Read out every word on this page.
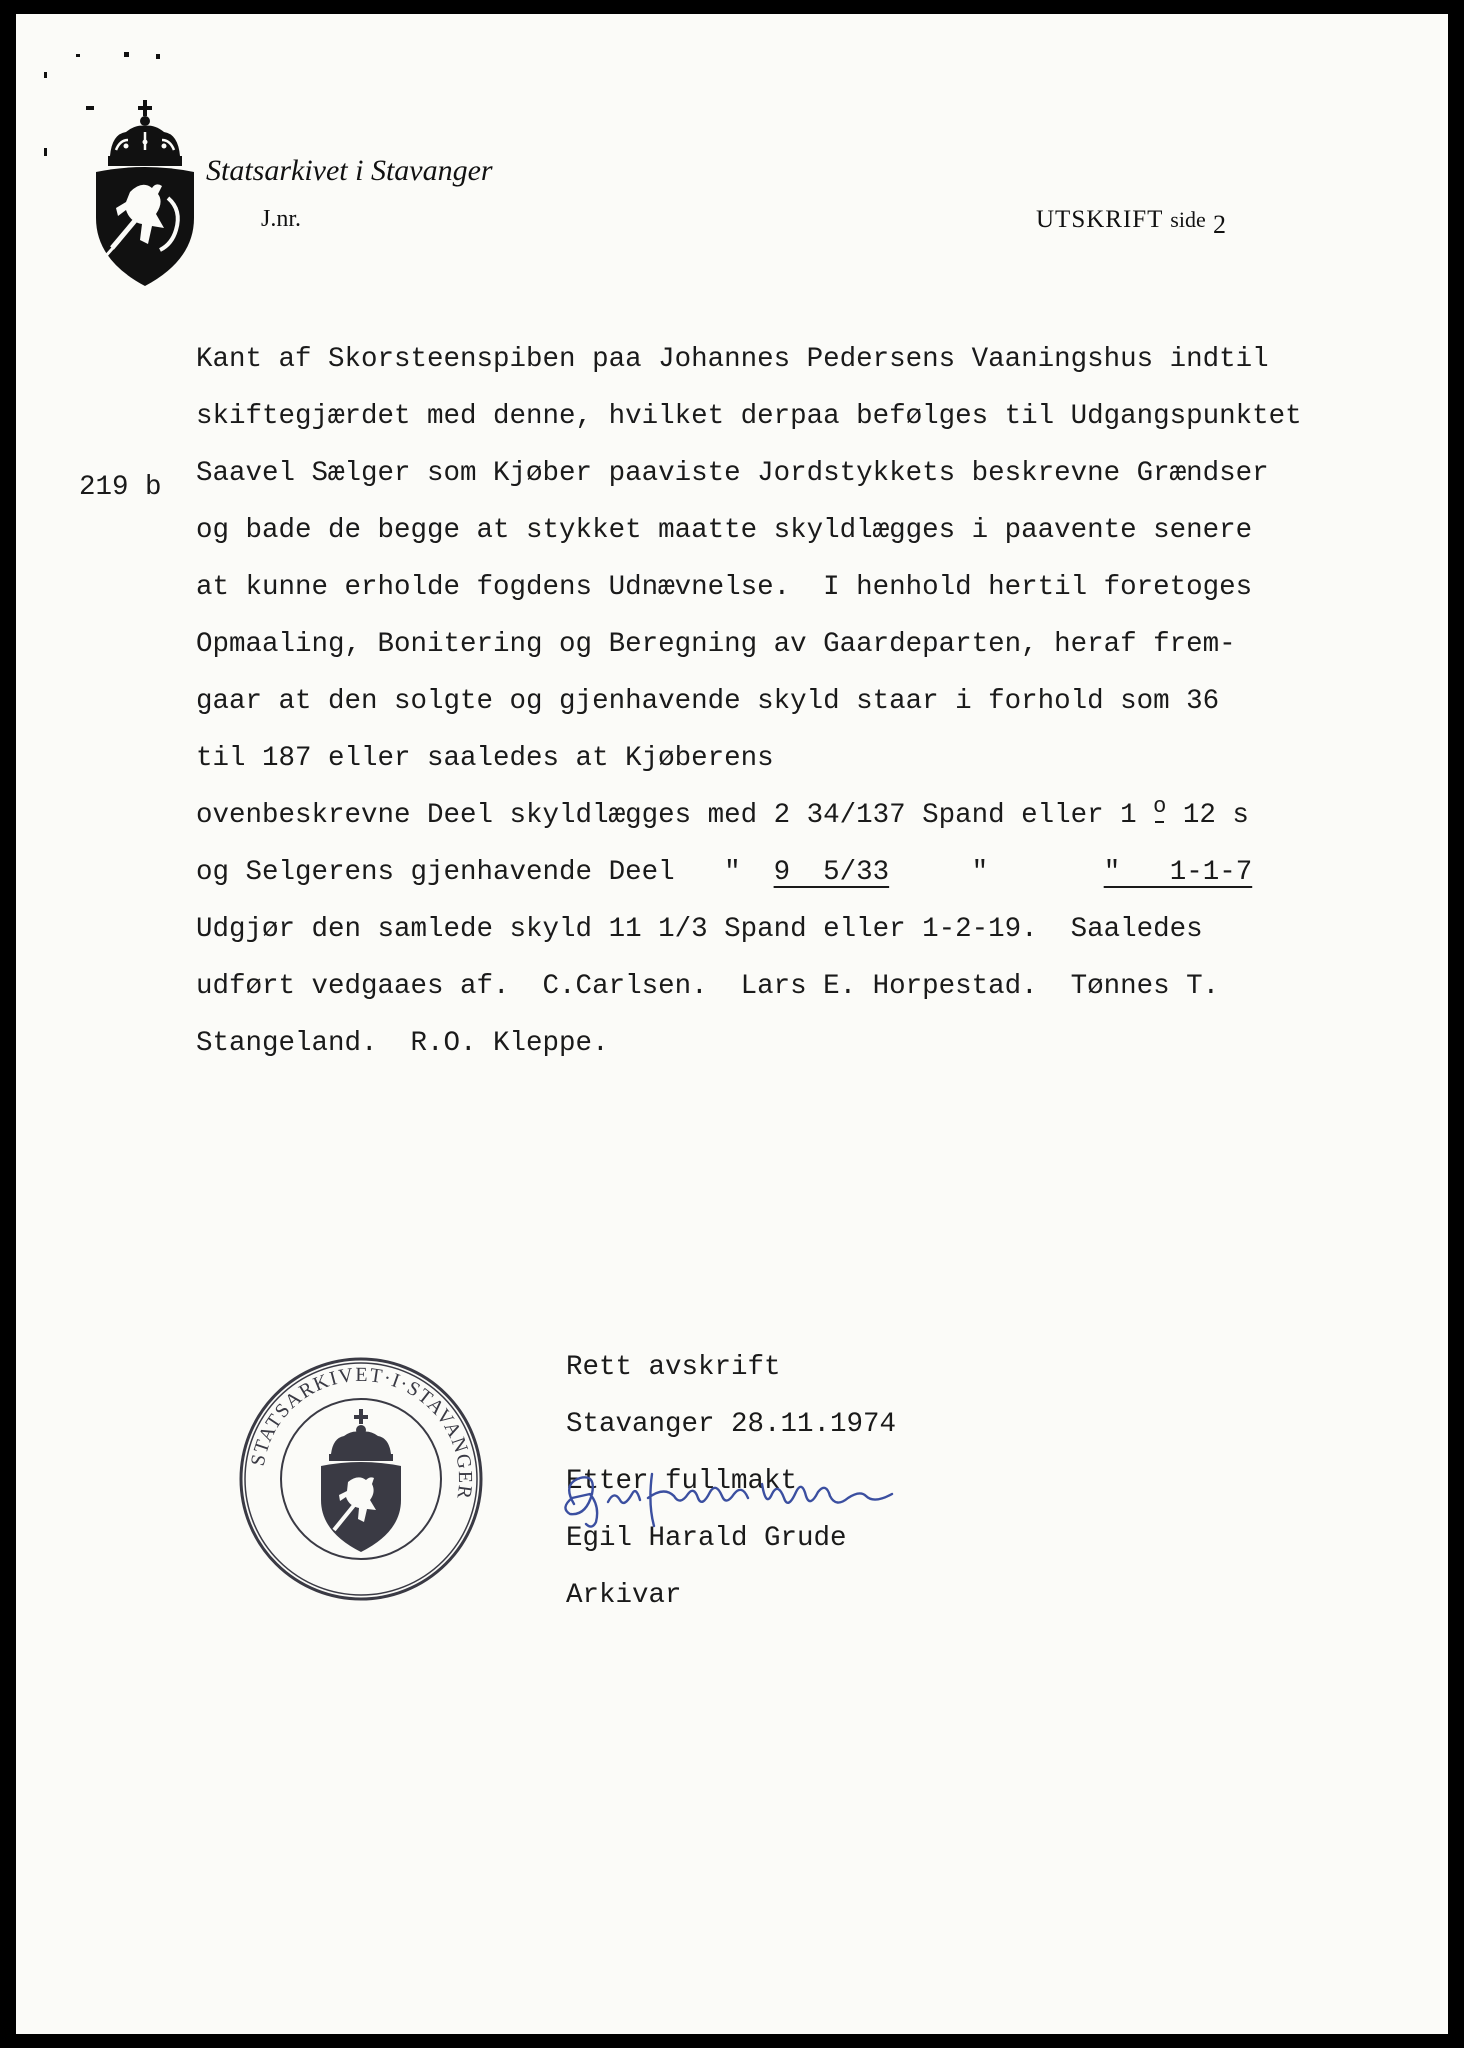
Statsarkivet i Stavanger
J.nr.	UTSKRIFT side 2
219 b
Kant af Skorsteenspiben paa Johannes Pedersens Vaaningshus indtil
skiftegjærdet med denne, hvilket derpaa befølges til Udgangspunktet
Saavel Sælger som Kjøber paaviste Jordstykkets beskrevne Grændser
og bade de begge at stykket maatte skyldlægges i paavente senere
at kunne erholde fogdens Udnævnelse.  I henhold hertil foretoges
Opmaaling, Bonitering og Beregning av Gaardeparten, heraf frem-
gaar at den solgte og gjenhavende skyld staar i forhold som 36
til 187 eller saaledes at Kjøberens
ovenbeskrevne Deel skyldlægges med 2 34/137 Spand eller 1 o 12 s
og Selgerens gjenhavende Deel   "  9  5/33     "       "   1-1-7
Udgjør den samlede skyld 11 1/3 Spand eller 1-2-19.  Saaledes
udført vedgaaes af.  C.Carlsen.  Lars E. Horpestad.  Tønnes T.
Stangeland.  R.O. Kleppe.
STATSARKIVET·I·STAVANGER
Rett avskrift
Stavanger 28.11.1974
Etter fullmakt
Egil Harald Grude
Arkivar
